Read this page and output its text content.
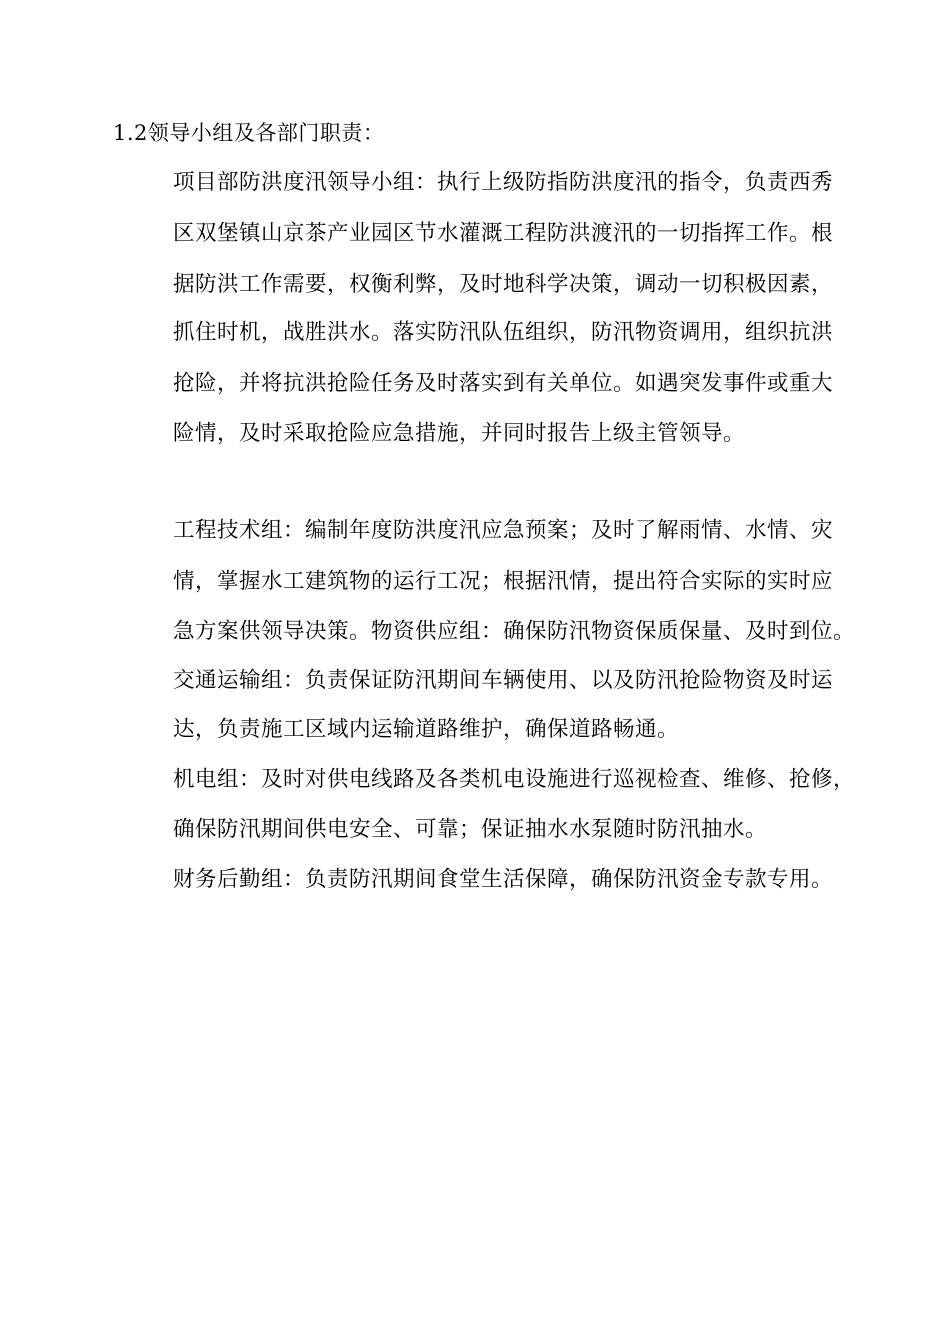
1.2领导小组及各部门职责：
项目部防洪度汛领导小组：执行上级防指防洪度汛的指令，负责西秀
区双堡镇山京茶产业园区节水灌溉工程防洪渡汛的一切指挥工作。根
据防洪工作需要，权衡利弊，及时地科学决策，调动一切积极因素，
抓住时机，战胜洪水。落实防汛队伍组织，防汛物资调用，组织抗洪
抢险，并将抗洪抢险任务及时落实到有关单位。如遇突发事件或重大
险情，及时采取抢险应急措施，并同时报告上级主管领导。
工程技术组：编制年度防洪度汛应急预案；及时了解雨情、水情、灾
情，掌握水工建筑物的运行工况；根据汛情，提出符合实际的实时应
急方案供领导决策。物资供应组：确保防汛物资保质保量、及时到位。
交通运输组：负责保证防汛期间车辆使用、以及防汛抢险物资及时运
达，负责施工区域内运输道路维护，确保道路畅通。
机电组：及时对供电线路及各类机电设施进行巡视检查、维修、抢修，
确保防汛期间供电安全、可靠；保证抽水水泵随时防汛抽水。
财务后勤组：负责防汛期间食堂生活保障，确保防汛资金专款专用。
